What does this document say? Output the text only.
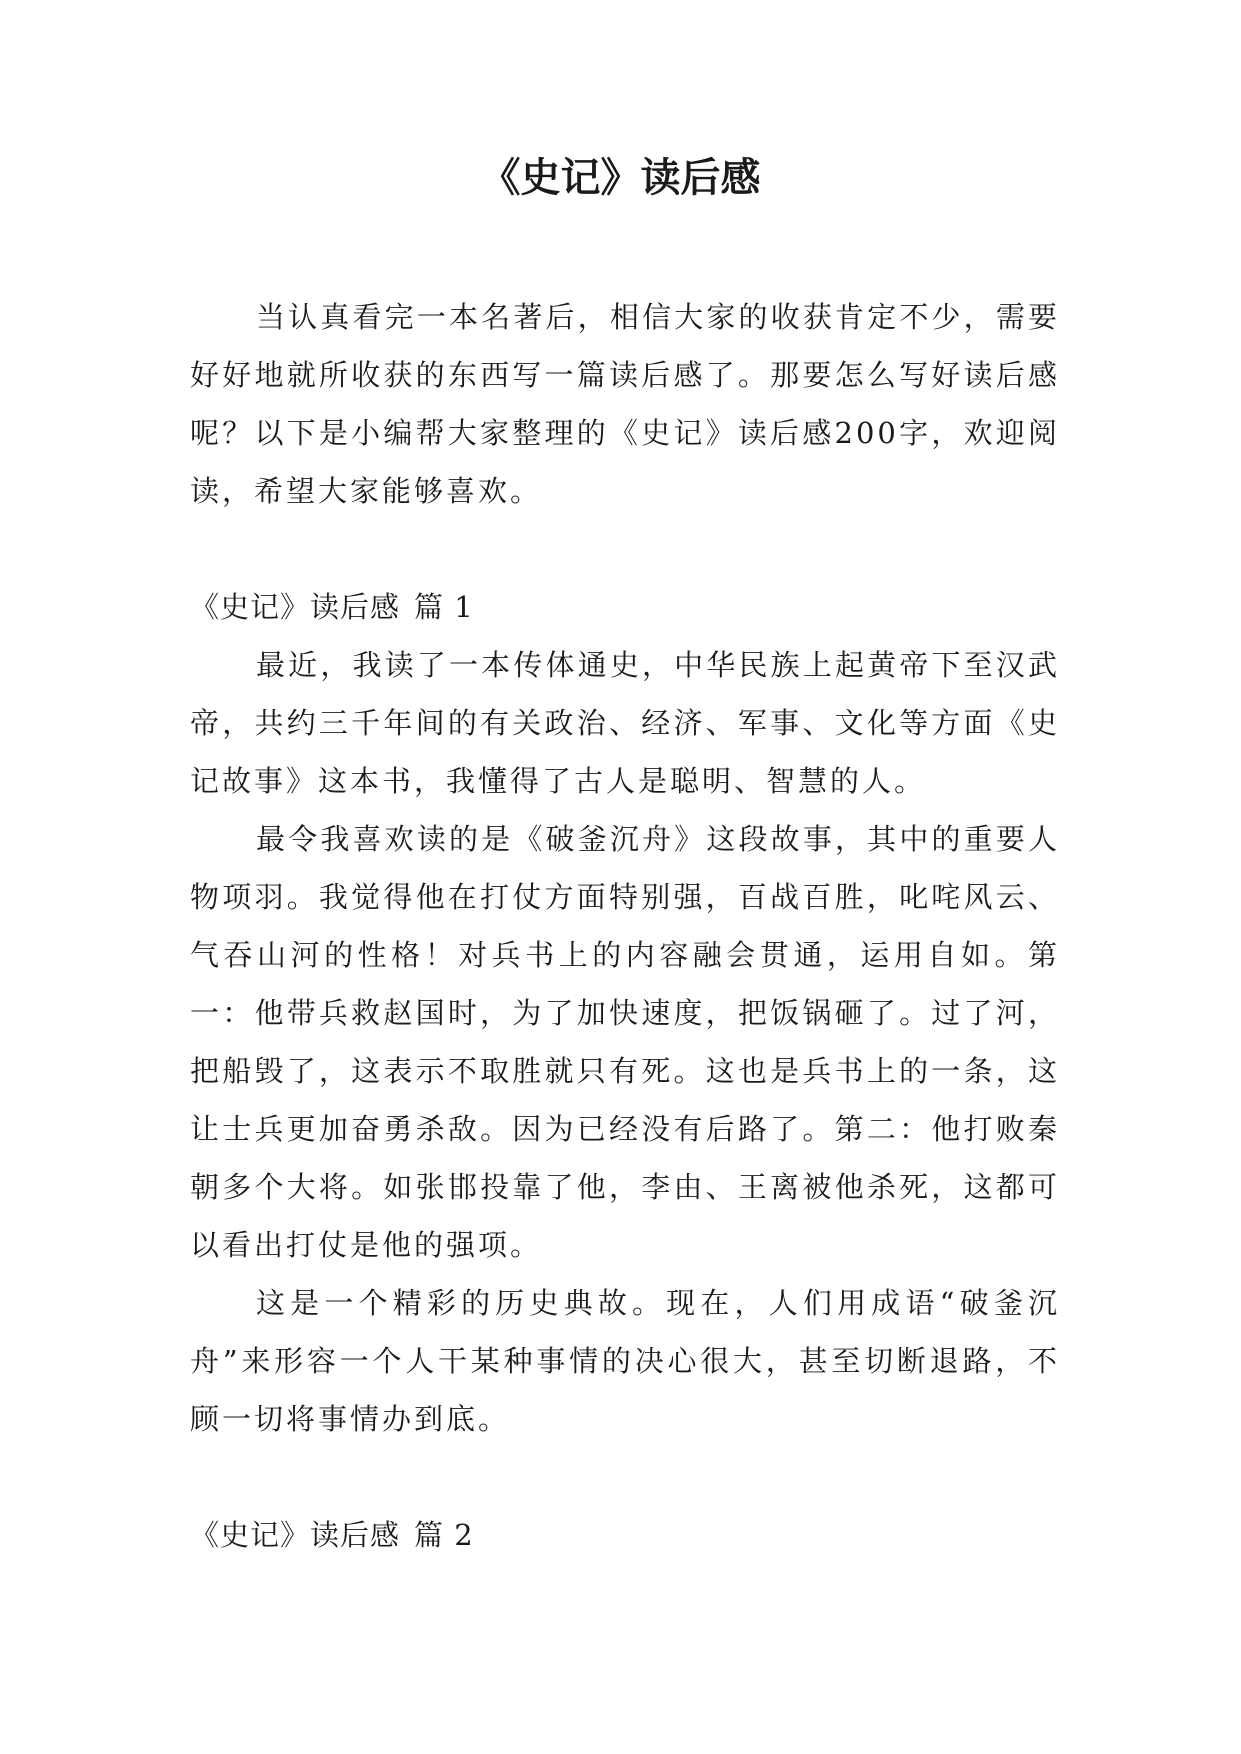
《史记》读后感

当认真看完一本名著后，相信大家的收获肯定不少，需要好好地就所收获的东西写一篇读后感了。那要怎么写好读后感呢？以下是小编帮大家整理的《史记》读后感200字，欢迎阅读，希望大家能够喜欢。

《史记》读后感 篇 1

最近，我读了一本传体通史，中华民族上起黄帝下至汉武帝，共约三千年间的有关政治、经济、军事、文化等方面《史记故事》这本书，我懂得了古人是聪明、智慧的人。

最令我喜欢读的是《破釜沉舟》这段故事，其中的重要人物项羽。我觉得他在打仗方面特别强，百战百胜，叱咤风云、气吞山河的性格！对兵书上的内容融会贯通，运用自如。第一：他带兵救赵国时，为了加快速度，把饭锅砸了。过了河，把船毁了，这表示不取胜就只有死。这也是兵书上的一条，这让士兵更加奋勇杀敌。因为已经没有后路了。第二：他打败秦朝多个大将。如张邯投靠了他，李由、王离被他杀死，这都可以看出打仗是他的强项。

这是一个精彩的历史典故。现在，人们用成语“破釜沉舟”来形容一个人干某种事情的决心很大，甚至切断退路，不顾一切将事情办到底。

《史记》读后感 篇 2
